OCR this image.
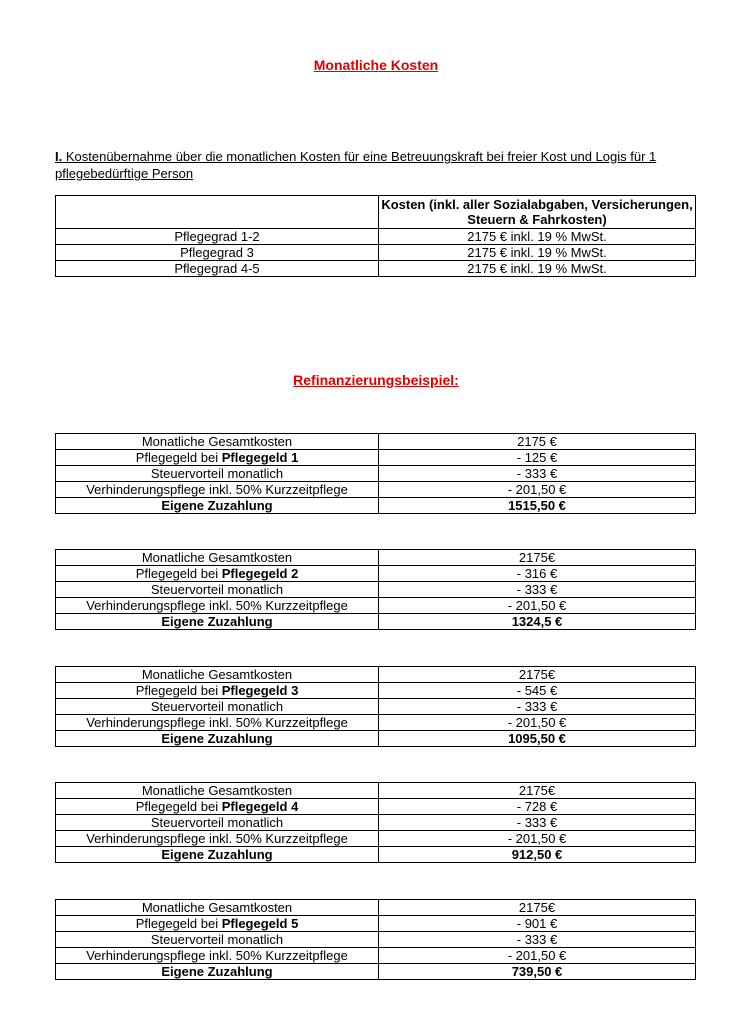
Monatliche Kosten
I. Kostenübernahme über die monatlichen Kosten für eine Betreuungskraft bei freier Kost und Logis für 1 pflegebedürftige Person
	Kosten (inkl. aller Sozialabgaben, Versicherungen, Steuern & Fahrkosten)
Pflegegrad 1-2	2175 € inkl. 19 % MwSt.
Pflegegrad 3	2175 € inkl. 19 % MwSt.
Pflegegrad 4-5	2175 € inkl. 19 % MwSt.
Refinanzierungsbeispiel:
Monatliche Gesamtkosten	2175 €
Pflegegeld bei Pflegegeld 1	- 125 €
Steuervorteil monatlich	- 333 €
Verhinderungspflege inkl. 50% Kurzzeitpflege	- 201,50 €
Eigene Zuzahlung	1515,50 €
Monatliche Gesamtkosten	2175€
Pflegegeld bei Pflegegeld 2	- 316 €
Steuervorteil monatlich	- 333 €
Verhinderungspflege inkl. 50% Kurzzeitpflege	- 201,50 €
Eigene Zuzahlung	1324,5 €
Monatliche Gesamtkosten	2175€
Pflegegeld bei Pflegegeld 3	- 545 €
Steuervorteil monatlich	- 333 €
Verhinderungspflege inkl. 50% Kurzzeitpflege	- 201,50 €
Eigene Zuzahlung	1095,50 €
Monatliche Gesamtkosten	2175€
Pflegegeld bei Pflegegeld 4	- 728 €
Steuervorteil monatlich	- 333 €
Verhinderungspflege inkl. 50% Kurzzeitpflege	- 201,50 €
Eigene Zuzahlung	912,50 €
Monatliche Gesamtkosten	2175€
Pflegegeld bei Pflegegeld 5	- 901 €
Steuervorteil monatlich	- 333 €
Verhinderungspflege inkl. 50% Kurzzeitpflege	- 201,50 €
Eigene Zuzahlung	739,50 €
